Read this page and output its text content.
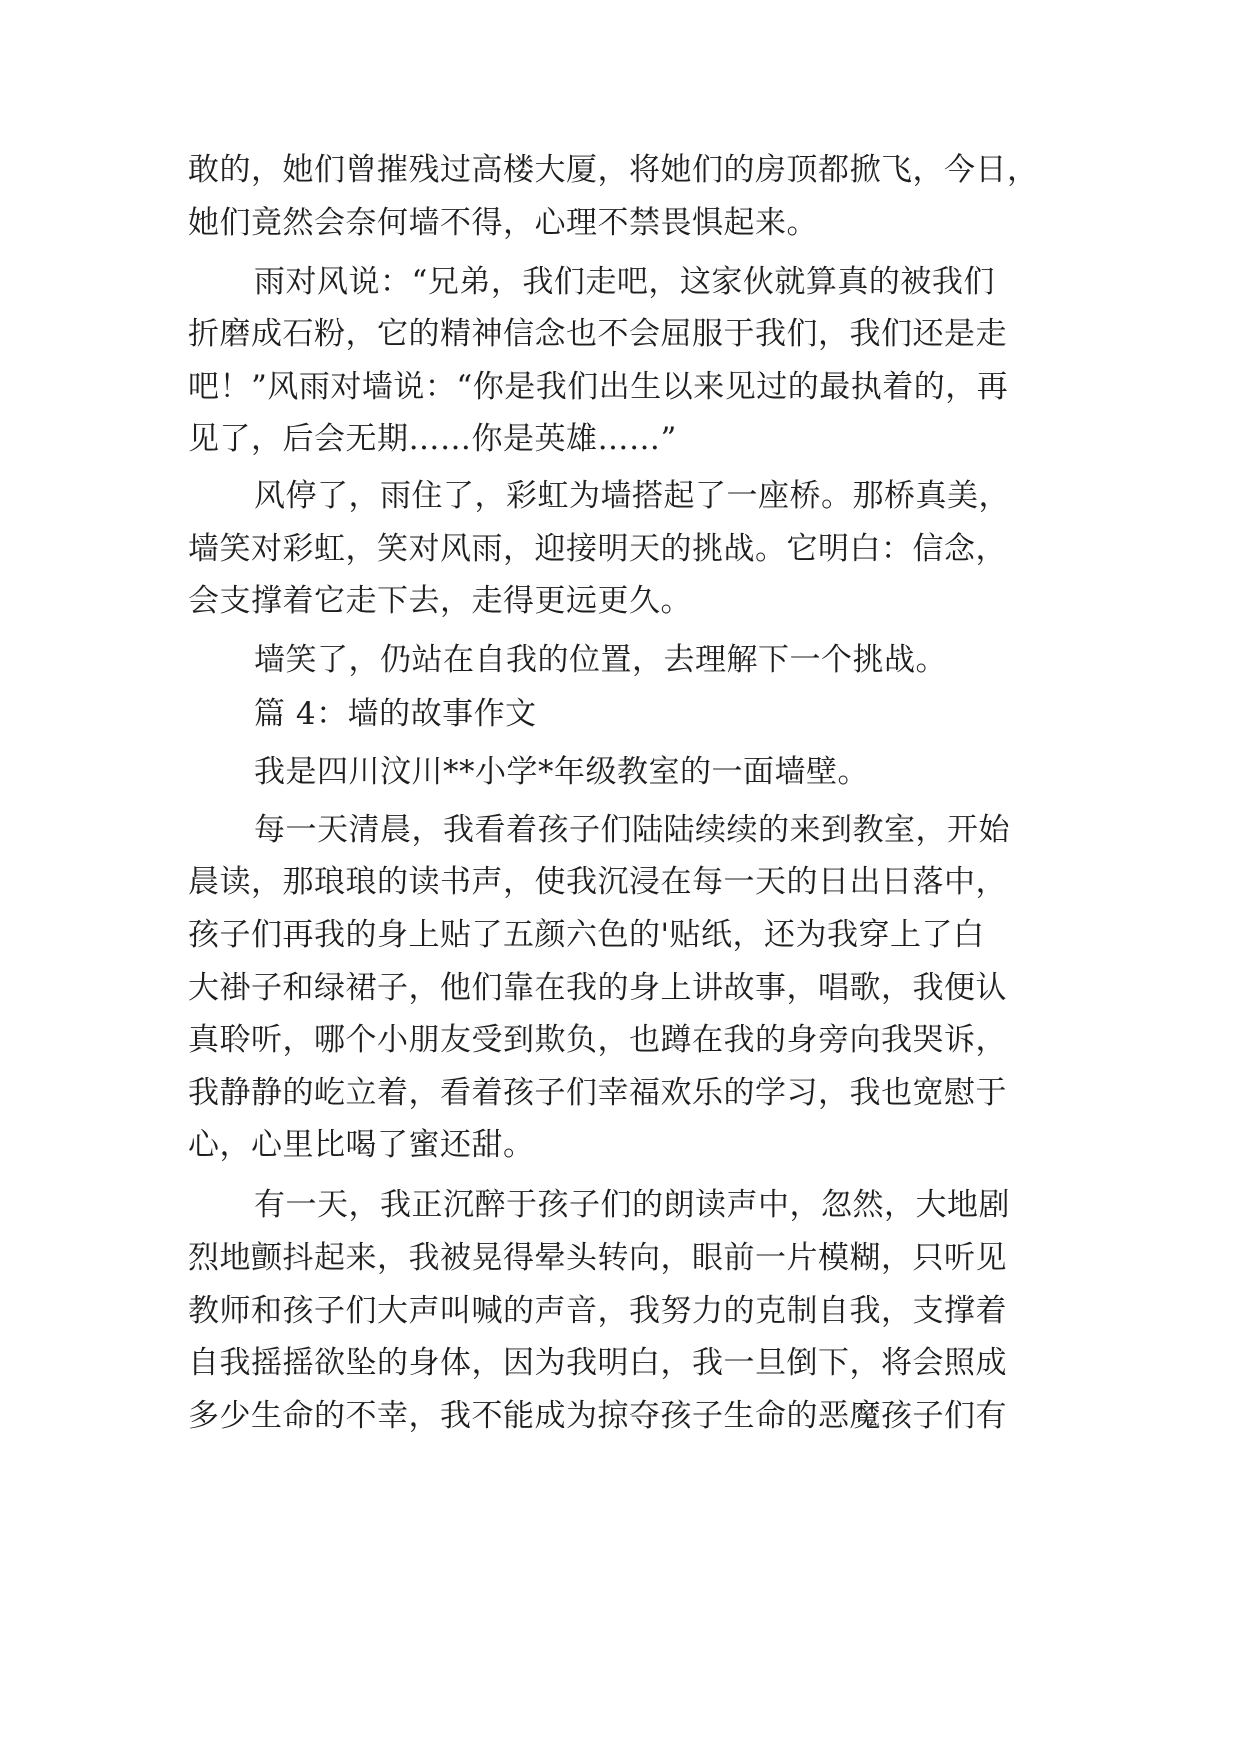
敢的，她们曾摧残过高楼大厦，将她们的房顶都掀飞，今日，
她们竟然会奈何墙不得，心理不禁畏惧起来。
雨对风说：“兄弟，我们走吧，这家伙就算真的被我们
折磨成石粉，它的精神信念也不会屈服于我们，我们还是走
吧！”风雨对墙说：“你是我们出生以来见过的最执着的，再
见了，后会无期……你是英雄……”
风停了，雨住了，彩虹为墙搭起了一座桥。那桥真美，
墙笑对彩虹，笑对风雨，迎接明天的挑战。它明白：信念，
会支撑着它走下去，走得更远更久。
墙笑了，仍站在自我的位置，去理解下一个挑战。
篇 4：墙的故事作文
我是四川汶川**小学*年级教室的一面墙壁。
每一天清晨，我看着孩子们陆陆续续的来到教室，开始
晨读，那琅琅的读书声，使我沉浸在每一天的日出日落中，
孩子们再我的身上贴了五颜六色的'贴纸，还为我穿上了白
大褂子和绿裙子，他们靠在我的身上讲故事，唱歌，我便认
真聆听，哪个小朋友受到欺负，也蹲在我的身旁向我哭诉，
我静静的屹立着，看着孩子们幸福欢乐的学习，我也宽慰于
心，心里比喝了蜜还甜。
有一天，我正沉醉于孩子们的朗读声中，忽然，大地剧
烈地颤抖起来，我被晃得晕头转向，眼前一片模糊，只听见
教师和孩子们大声叫喊的声音，我努力的克制自我，支撑着
自我摇摇欲坠的身体，因为我明白，我一旦倒下，将会照成
多少生命的不幸，我不能成为掠夺孩子生命的恶魔孩子们有
